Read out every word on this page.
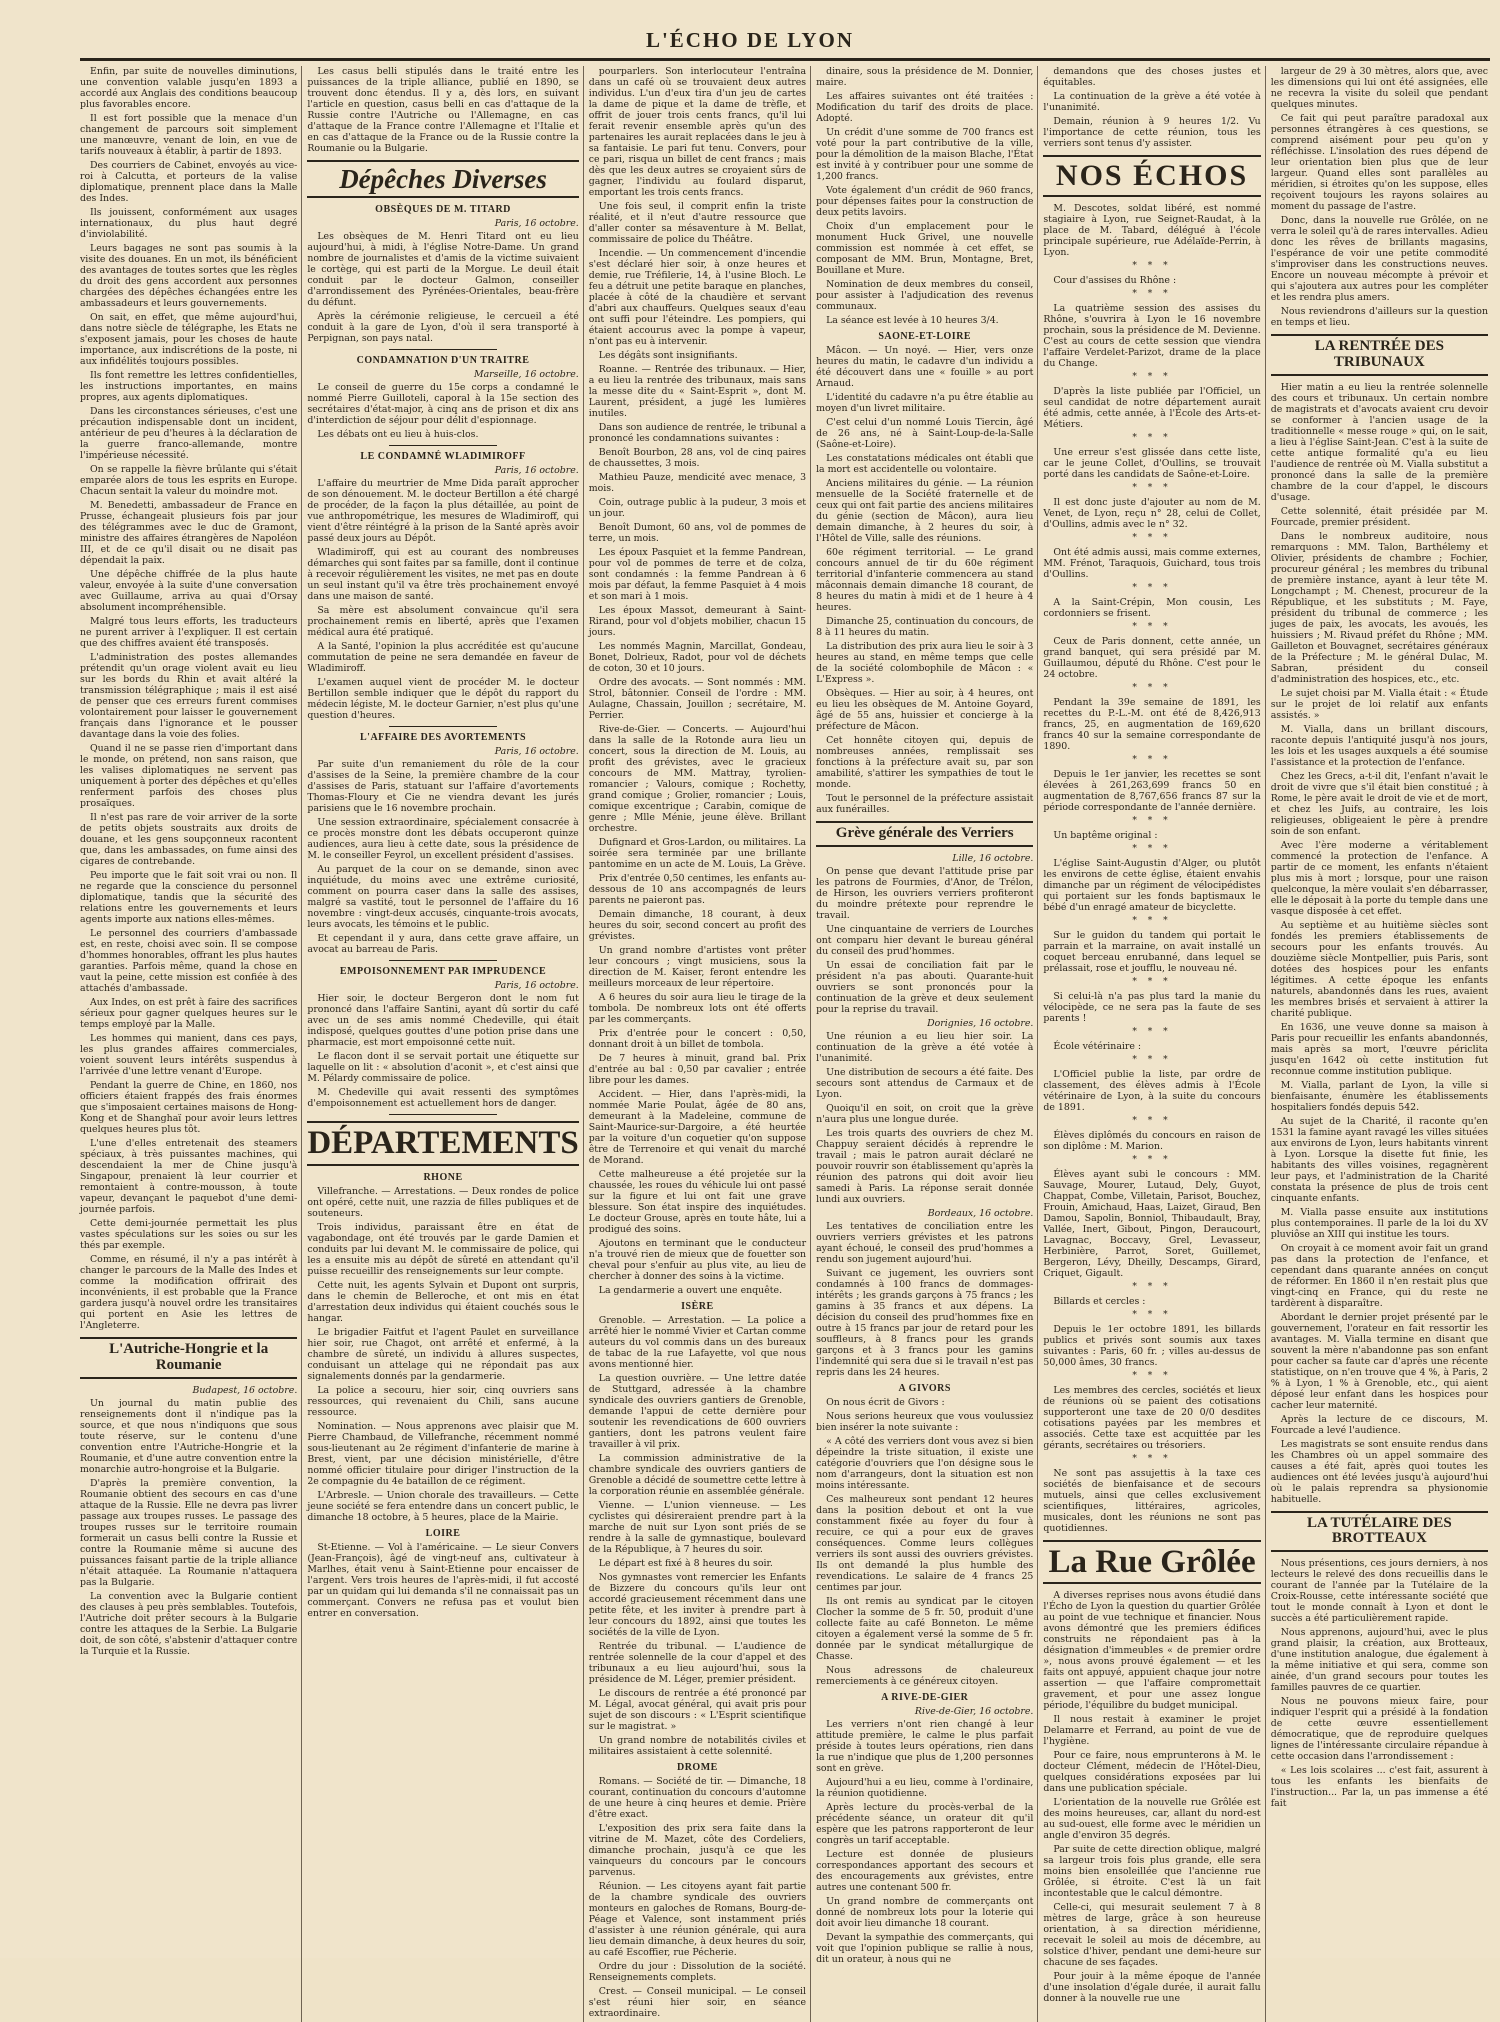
L'ÉCHO DE LYON

Enfin, par suite de nouvelles diminutions, une convention valable jusqu'en 1893 a accordé aux Anglais des conditions beaucoup plus favorables encore.

Il est fort possible que la menace d'un changement de parcours soit simplement une manœuvre, venant de loin, en vue de tarifs nouveaux à établir, à partir de 1893.

Des courriers de Cabinet, envoyés au vice-roi à Calcutta, et porteurs de la valise diplomatique, prennent place dans la Malle des Indes.

Ils jouissent, conformément aux usages internationaux, du plus haut degré d'inviolabilité.

Leurs bagages ne sont pas soumis à la visite des douanes. En un mot, ils bénéficient des avantages de toutes sortes que les règles du droit des gens accordent aux personnes chargées des dépêches échangées entre les ambassadeurs et leurs gouvernements.

On sait, en effet, que même aujourd'hui, dans notre siècle de télégraphe, les Etats ne s'exposent jamais, pour les choses de haute importance, aux indiscrétions de la poste, ni aux infidélités toujours possibles.

Ils font remettre les lettres confidentielles, les instructions importantes, en mains propres, aux agents diplomatiques.

Dans les circonstances sérieuses, c'est une précaution indispensable dont un incident, antérieur de peu d'heures à la déclaration de la guerre franco-allemande, montre l'impérieuse nécessité.

On se rappelle la fièvre brûlante qui s'était emparée alors de tous les esprits en Europe. Chacun sentait la valeur du moindre mot.

M. Benedetti, ambassadeur de France en Prusse, échangeait plusieurs fois par jour des télégrammes avec le duc de Gramont, ministre des affaires étrangères de Napoléon III, et de ce qu'il disait ou ne disait pas dépendait la paix.

Une dépêche chiffrée de la plus haute valeur, envoyée à la suite d'une conversation avec Guillaume, arriva au quai d'Orsay absolument incompréhensible.

Malgré tous leurs efforts, les traducteurs ne purent arriver à l'expliquer. Il est certain que des chiffres avaient été transposés.

L'administration des postes allemandes prétendit qu'un orage violent avait eu lieu sur les bords du Rhin et avait altéré la transmission télégraphique ; mais il est aisé de penser que ces erreurs furent commises volontairement pour laisser le gouvernement français dans l'ignorance et le pousser davantage dans la voie des folies.

Quand il ne se passe rien d'important dans le monde, on prétend, non sans raison, que les valises diplomatiques ne servent pas uniquement à porter des dépêches et qu'elles renferment parfois des choses plus prosaïques.

Il n'est pas rare de voir arriver de la sorte de petits objets soustraits aux droits de douane, et les gens soupçonneux racontent que, dans les ambassades, on fume ainsi des cigares de contrebande.

Peu importe que le fait soit vrai ou non. Il ne regarde que la conscience du personnel diplomatique, tandis que la sécurité des relations entre les gouvernements et leurs agents importe aux nations elles-mêmes.

Le personnel des courriers d'ambassade est, en reste, choisi avec soin. Il se compose d'hommes honorables, offrant les plus hautes garanties. Parfois même, quand la chose en vaut la peine, cette mission est confiée à des attachés d'ambassade.

Aux Indes, on est prêt à faire des sacrifices sérieux pour gagner quelques heures sur le temps employé par la Malle.

Les hommes qui manient, dans ces pays, les plus grandes affaires commerciales, voient souvent leurs intérêts suspendus à l'arrivée d'une lettre venant d'Europe.

Pendant la guerre de Chine, en 1860, nos officiers étaient frappés des frais énormes que s'imposaient certaines maisons de Hong-Kong et de Shanghaï pour avoir leurs lettres quelques heures plus tôt.

L'une d'elles entretenait des steamers spéciaux, à très puissantes machines, qui descendaient la mer de Chine jusqu'à Singapour, prenaient là leur courrier et remontaient à contre-mousson, à toute vapeur, devançant le paquebot d'une demi-journée parfois.

Cette demi-journée permettait les plus vastes spéculations sur les soies ou sur les thés par exemple.

Comme, en résumé, il n'y a pas intérêt à changer le parcours de la Malle des Indes et comme la modification offrirait des inconvénients, il est probable que la France gardera jusqu'à nouvel ordre les transitaires qui portent en Asie les lettres de l'Angleterre.

L'Autriche-Hongrie et la Roumanie
Budapest, 16 octobre.

Un journal du matin publie des renseignements dont il n'indique pas la source, et que nous n'indiquons que sous toute réserve, sur le contenu d'une convention entre l'Autriche-Hongrie et la Roumanie, et d'une autre convention entre la monarchie autro-hongroise et la Bulgarie.

D'après la première convention, la Roumanie obtient des secours en cas d'une attaque de la Russie. Elle ne devra pas livrer passage aux troupes russes. Le passage des troupes russes sur le territoire roumain formerait un casus belli contre la Russie et contre la Roumanie même si aucune des puissances faisant partie de la triple alliance n'était attaquée. La Roumanie n'attaquera pas la Bulgarie.

La convention avec la Bulgarie contient des clauses à peu près semblables. Toutefois, l'Autriche doit prêter secours à la Bulgarie contre les attaques de la Serbie. La Bulgarie doit, de son côté, s'abstenir d'attaquer contre la Turquie et la Russie.

Les casus belli stipulés dans le traité entre les puissances de la triple alliance, publié en 1890, se trouvent donc étendus. Il y a, dès lors, en suivant l'article en question, casus belli en cas d'attaque de la Russie contre l'Autriche ou l'Allemagne, en cas d'attaque de la France contre l'Allemagne et l'Italie et en cas d'attaque de la France ou de la Russie contre la Roumanie ou la Bulgarie.

Dépêches Diverses
OBSÈQUES DE M. TITARD
Paris, 16 octobre.

Les obsèques de M. Henri Titard ont eu lieu aujourd'hui, à midi, à l'église Notre-Dame. Un grand nombre de journalistes et d'amis de la victime suivaient le cortège, qui est parti de la Morgue. Le deuil était conduit par le docteur Galmon, conseiller d'arrondissement des Pyrénées-Orientales, beau-frère du défunt.

Après la cérémonie religieuse, le cercueil a été conduit à la gare de Lyon, d'où il sera transporté à Perpignan, son pays natal.

CONDAMNATION D'UN TRAITRE
Marseille, 16 octobre.

Le conseil de guerre du 15e corps a condamné le nommé Pierre Guilloteli, caporal à la 15e section des secrétaires d'état-major, à cinq ans de prison et dix ans d'interdiction de séjour pour délit d'espionnage.

Les débats ont eu lieu à huis-clos.

LE CONDAMNÉ WLADIMIROFF
Paris, 16 octobre.

L'affaire du meurtrier de Mme Dida paraît approcher de son dénouement. M. le docteur Bertillon a été chargé de procéder, de la façon la plus détaillée, au point de vue anthropométrique, les mesures de Wladimiroff, qui vient d'être réintégré à la prison de la Santé après avoir passé deux jours au Dépôt.

Wladimiroff, qui est au courant des nombreuses démarches qui sont faites par sa famille, dont il continue à recevoir régulièrement les visites, ne met pas en doute un seul instant qu'il va être très prochainement envoyé dans une maison de santé.

Sa mère est absolument convaincue qu'il sera prochainement remis en liberté, après que l'examen médical aura été pratiqué.

A la Santé, l'opinion la plus accréditée est qu'aucune commutation de peine ne sera demandée en faveur de Wladimiroff.

L'examen auquel vient de procéder M. le docteur Bertillon semble indiquer que le dépôt du rapport du médecin légiste, M. le docteur Garnier, n'est plus qu'une question d'heures.

L'AFFAIRE DES AVORTEMENTS
Paris, 16 octobre.

Par suite d'un remaniement du rôle de la cour d'assises de la Seine, la première chambre de la cour d'assises de Paris, statuant sur l'affaire d'avortements Thomas-Floury et Cie ne viendra devant les jurés parisiens que le 16 novembre prochain.

Une session extraordinaire, spécialement consacrée à ce procès monstre dont les débats occuperont quinze audiences, aura lieu à cette date, sous la présidence de M. le conseiller Feyrol, un excellent président d'assises.

Au parquet de la cour on se demande, sinon avec inquiétude, du moins avec une extrême curiosité, comment on pourra caser dans la salle des assises, malgré sa vastité, tout le personnel de l'affaire du 16 novembre : vingt-deux accusés, cinquante-trois avocats, leurs avocats, les témoins et le public.

Et cependant il y aura, dans cette grave affaire, un avocat au barreau de Paris.

EMPOISONNEMENT PAR IMPRUDENCE
Paris, 16 octobre.

Hier soir, le docteur Bergeron dont le nom fut prononcé dans l'affaire Santini, ayant dû sortir du café avec un de ses amis nommé Chedeville, qui était indisposé, quelques gouttes d'une potion prise dans une pharmacie, est mort empoisonné cette nuit.

Le flacon dont il se servait portait une étiquette sur laquelle on lit : « absolution d'aconit », et c'est ainsi que M. Pélardy commissaire de police.

M. Chedeville qui avait ressenti des symptômes d'empoisonnement est actuellement hors de danger.

DÉPARTEMENTS
RHONE

Villefranche. — Arrestations. — Deux rondes de police ont opéré, cette nuit, une razzia de filles publiques et de souteneurs.

Trois individus, paraissant être en état de vagabondage, ont été trouvés par le garde Damien et conduits par lui devant M. le commissaire de police, qui les a ensuite mis au dépôt de sûreté en attendant qu'il puisse recueillir des renseignements sur leur compte.

Cette nuit, les agents Sylvain et Dupont ont surpris, dans le chemin de Belleroche, et ont mis en état d'arrestation deux individus qui étaient couchés sous le hangar.

Le brigadier Faitfut et l'agent Paulet en surveillance hier soir, rue Chagot, ont arrêté et enfermé, à la chambre de sûreté, un individu à allures suspectes, conduisant un attelage qui ne répondait pas aux signalements donnés par la gendarmerie.

La police a secouru, hier soir, cinq ouvriers sans ressources, qui revenaient du Chili, sans aucune ressource.

Nomination. — Nous apprenons avec plaisir que M. Pierre Chambaud, de Villefranche, récemment nommé sous-lieutenant au 2e régiment d'infanterie de marine à Brest, vient, par une décision ministérielle, d'être nommé officier titulaire pour diriger l'instruction de la 2e compagnie du 4e bataillon de ce régiment.

L'Arbresle. — Union chorale des travailleurs. — Cette jeune société se fera entendre dans un concert public, le dimanche 18 octobre, à 5 heures, place de la Mairie.

LOIRE

St-Etienne. — Vol à l'américaine. — Le sieur Convers (Jean-François), âgé de vingt-neuf ans, cultivateur à Marlhes, était venu à Saint-Etienne pour encaisser de l'argent. Vers trois heures de l'après-midi, il fut accosté par un quidam qui lui demanda s'il ne connaissait pas un commerçant. Convers ne refusa pas et voulut bien entrer en conversation.

pourparlers. Son interlocuteur l'entraîna dans un café où se trouvaient deux autres individus. L'un d'eux tira d'un jeu de cartes la dame de pique et la dame de trèfle, et offrit de jouer trois cents francs, qu'il lui ferait revenir ensemble après qu'un des partenaires les aurait replacées dans le jeu à sa fantaisie. Le pari fut tenu. Convers, pour ce pari, risqua un billet de cent francs ; mais dès que les deux autres se croyaient sûrs de gagner, l'individu au foulard disparut, emportant les trois cents francs.

Une fois seul, il comprit enfin la triste réalité, et il n'eut d'autre ressource que d'aller conter sa mésaventure à M. Bellat, commissaire de police du Théâtre.

Incendie. — Un commencement d'incendie s'est déclaré hier soir, à onze heures et demie, rue Tréfilerie, 14, à l'usine Bloch. Le feu a détruit une petite baraque en planches, placée à côté de la chaudière et servant d'abri aux chauffeurs. Quelques seaux d'eau ont suffi pour l'éteindre. Les pompiers, qui étaient accourus avec la pompe à vapeur, n'ont pas eu à intervenir.

Les dégâts sont insignifiants.

Roanne. — Rentrée des tribunaux. — Hier, a eu lieu la rentrée des tribunaux, mais sans la messe dite du « Saint-Esprit », dont M. Laurent, président, a jugé les lumières inutiles.

Dans son audience de rentrée, le tribunal a prononcé les condamnations suivantes :

Benoît Bourbon, 28 ans, vol de cinq paires de chaussettes, 3 mois.

Mathieu Pauze, mendicité avec menace, 3 mois.

Coin, outrage public à la pudeur, 3 mois et un jour.

Benoît Dumont, 60 ans, vol de pommes de terre, un mois.

Les époux Pasquiet et la femme Pandrean, pour vol de pommes de terre et de colza, sont condamnés : la femme Pandrean à 6 mois par défaut, la femme Pasquiet à 4 mois et son mari à 1 mois.

Les époux Massot, demeurant à Saint-Rirand, pour vol d'objets mobilier, chacun 15 jours.

Les nommés Magnin, Marcillat, Gondeau, Bonet, Dolrieux, Radot, pour vol de déchets de coton, 30 et 10 jours.

Ordre des avocats. — Sont nommés : MM. Strol, bâtonnier. Conseil de l'ordre : MM. Aulagne, Chassain, Jouillon ; secrétaire, M. Perrier.

Rive-de-Gier. — Concerts. — Aujourd'hui dans la salle de la Rotonde aura lieu un concert, sous la direction de M. Louis, au profit des grévistes, avec le gracieux concours de MM. Mattray, tyrolien-romancier ; Valours, comique ; Rochetty, grand comique ; Grolier, romancier ; Louis, comique excentrique ; Carabin, comique de genre ; Mlle Ménie, jeune élève. Brillant orchestre.

Dufignard et Gros-Lardon, ou militaires. La soirée sera terminée par une brillante pantomime en un acte de M. Louis, La Grève.

Prix d'entrée 0,50 centimes, les enfants au-dessous de 10 ans accompagnés de leurs parents ne paieront pas.

Demain dimanche, 18 courant, à deux heures du soir, second concert au profit des grévistes.

Un grand nombre d'artistes vont prêter leur concours ; vingt musiciens, sous la direction de M. Kaiser, feront entendre les meilleurs morceaux de leur répertoire.

A 6 heures du soir aura lieu le tirage de la tombola. De nombreux lots ont été offerts par les commerçants.

Prix d'entrée pour le concert : 0,50, donnant droit à un billet de tombola.

De 7 heures à minuit, grand bal. Prix d'entrée au bal : 0,50 par cavalier ; entrée libre pour les dames.

Accident. — Hier, dans l'après-midi, la nommée Marie Poulat, âgée de 80 ans, demeurant à la Madeleine, commune de Saint-Maurice-sur-Dargoire, a été heurtée par la voiture d'un coquetier qu'on suppose être de Terrenoire et qui venait du marché de Morand.

Cette malheureuse a été projetée sur la chaussée, les roues du véhicule lui ont passé sur la figure et lui ont fait une grave blessure. Son état inspire des inquiétudes. Le docteur Grouse, après en toute hâte, lui a prodigué des soins.

Ajoutons en terminant que le conducteur n'a trouvé rien de mieux que de fouetter son cheval pour s'enfuir au plus vite, au lieu de chercher à donner des soins à la victime.

La gendarmerie a ouvert une enquête.

ISÈRE

Grenoble. — Arrestation. — La police a arrêté hier le nommé Vivier et Cartan comme auteurs du vol commis dans un des bureaux de tabac de la rue Lafayette, vol que nous avons mentionné hier.

La question ouvrière. — Une lettre datée de Stuttgard, adressée à la chambre syndicale des ouvriers gantiers de Grenoble, demande l'appui de cette dernière pour soutenir les revendications de 600 ouvriers gantiers, dont les patrons veulent faire travailler à vil prix.

La commission administrative de la chambre syndicale des ouvriers gantiers de Grenoble a décidé de soumettre cette lettre à la corporation réunie en assemblée générale.

Vienne. — L'union vienneuse. — Les cyclistes qui désireraient prendre part à la marche de nuit sur Lyon sont priés de se rendre à la salle de gymnastique, boulevard de la République, à 7 heures du soir.

Le départ est fixé à 8 heures du soir.

Nos gymnastes vont remercier les Enfants de Bizzere du concours qu'ils leur ont accordé gracieusement récemment dans une petite fête, et les inviter à prendre part à leur concours du 1892, ainsi que toutes les sociétés de la ville de Lyon.

Rentrée du tribunal. — L'audience de rentrée solennelle de la cour d'appel et des tribunaux a eu lieu aujourd'hui, sous la présidence de M. Léger, premier président.

Le discours de rentrée a été prononcé par M. Légal, avocat général, qui avait pris pour sujet de son discours : « L'Esprit scientifique sur le magistrat. »

Un grand nombre de notabilités civiles et militaires assistaient à cette solennité.

DROME

Romans. — Société de tir. — Dimanche, 18 courant, continuation du concours d'automne de une heure à cinq heures et demie. Prière d'être exact.

L'exposition des prix sera faite dans la vitrine de M. Mazet, côte des Cordeliers, dimanche prochain, jusqu'à ce que les vainqueurs du concours par le concours parvenus.

Réunion. — Les citoyens ayant fait partie de la chambre syndicale des ouvriers monteurs en galoches de Romans, Bourg-de-Péage et Valence, sont instamment priés d'assister à une réunion générale, qui aura lieu demain dimanche, à deux heures du soir, au café Escoffier, rue Pécherie.

Ordre du jour : Dissolution de la société. Renseignements complets.

Crest. — Conseil municipal. — Le conseil s'est réuni hier soir, en séance extraordinaire.

dinaire, sous la présidence de M. Donnier, maire.

Les affaires suivantes ont été traitées : Modification du tarif des droits de place. Adopté.

Un crédit d'une somme de 700 francs est voté pour la part contributive de la ville, pour la démolition de la maison Blache, l'État est invité à y contribuer pour une somme de 1,200 francs.

Vote également d'un crédit de 960 francs, pour dépenses faites pour la construction de deux petits lavoirs.

Choix d'un emplacement pour le monument Huck Grivel, une nouvelle commission est nommée à cet effet, se composant de MM. Brun, Montagne, Bret, Bouillane et Mure.

Nomination de deux membres du conseil, pour assister à l'adjudication des revenus communaux.

La séance est levée à 10 heures 3/4.

SAONE-ET-LOIRE

Mâcon. — Un noyé. — Hier, vers onze heures du matin, le cadavre d'un individu a été découvert dans une « fouille » au port Arnaud.

L'identité du cadavre n'a pu être établie au moyen d'un livret militaire.

C'est celui d'un nommé Louis Tiercin, âgé de 26 ans, né à Saint-Loup-de-la-Salle (Saône-et-Loire).

Les constatations médicales ont établi que la mort est accidentelle ou volontaire.

Anciens militaires du génie. — La réunion mensuelle de la Société fraternelle et de ceux qui ont fait partie des anciens militaires du génie (section de Mâcon), aura lieu demain dimanche, à 2 heures du soir, à l'Hôtel de Ville, salle des réunions.

60e régiment territorial. — Le grand concours annuel de tir du 60e régiment territorial d'infanterie commencera au stand mâconnais demain dimanche 18 courant, de 8 heures du matin à midi et de 1 heure à 4 heures.

Dimanche 25, continuation du concours, de 8 à 11 heures du matin.

La distribution des prix aura lieu le soir à 3 heures au stand, en même temps que celle de la société colombophile de Mâcon : « L'Express ».

Obsèques. — Hier au soir, à 4 heures, ont eu lieu les obsèques de M. Antoine Goyard, âgé de 55 ans, huissier et concierge à la préfecture de Mâcon.

Cet honnête citoyen qui, depuis de nombreuses années, remplissait ses fonctions à la préfecture avait su, par son amabilité, s'attirer les sympathies de tout le monde.

Tout le personnel de la préfecture assistait aux funérailles.

Grève générale des Verriers
Lille, 16 octobre.

On pense que devant l'attitude prise par les patrons de Fourmies, d'Anor, de Trélon, de Hirson, les ouvriers verriers profiteront du moindre prétexte pour reprendre le travail.

Une cinquantaine de verriers de Lourches ont comparu hier devant le bureau général du conseil des prud'hommes.

Un essai de conciliation fait par le président n'a pas abouti. Quarante-huit ouvriers se sont prononcés pour la continuation de la grève et deux seulement pour la reprise du travail.

Dorignies, 16 octobre.

Une réunion a eu lieu hier soir. La continuation de la grève a été votée à l'unanimité.

Une distribution de secours a été faite. Des secours sont attendus de Carmaux et de Lyon.

Quoiqu'il en soit, on croit que la grève n'aura plus une longue durée.

Les trois quarts des ouvriers de chez M. Chappuy seraient décidés à reprendre le travail ; mais le patron aurait déclaré ne pouvoir rouvrir son établissement qu'après la réunion des patrons qui doit avoir lieu samedi à Paris. La réponse serait donnée lundi aux ouvriers.

Bordeaux, 16 octobre.

Les tentatives de conciliation entre les ouvriers verriers grévistes et les patrons ayant échoué, le conseil des prud'hommes a rendu son jugement aujourd'hui.

Suivant ce jugement, les ouvriers sont condamnés à 100 francs de dommages-intérêts ; les grands garçons à 75 francs ; les gamins à 35 francs et aux dépens. La décision du conseil des prud'hommes fixe en outre à 15 francs par jour de retard pour les souffleurs, à 8 francs pour les grands garçons et à 3 francs pour les gamins l'indemnité qui sera due si le travail n'est pas repris dans les 24 heures.

A GIVORS

On nous écrit de Givors :

Nous serions heureux que vous voulussiez bien insérer la note suivante :

« A côté des verriers dont vous avez si bien dépeindre la triste situation, il existe une catégorie d'ouvriers que l'on désigne sous le nom d'arrangeurs, dont la situation est non moins intéressante.

Ces malheureux sont pendant 12 heures dans la position debout et ont la vue constamment fixée au foyer du four à recuire, ce qui a pour eux de graves conséquences. Comme leurs collègues verriers ils sont aussi des ouvriers grévistes. Ils ont demandé la plus humble des revendications. Le salaire de 4 francs 25 centimes par jour.

Ils ont remis au syndicat par le citoyen Clocher la somme de 5 fr. 50, produit d'une collecte faite au café Bonneton. Le même citoyen a également versé la somme de 5 fr. donnée par le syndicat métallurgique de Chasse.

Nous adressons de chaleureux remerciements à ce généreux citoyen.

A RIVE-DE-GIER
Rive-de-Gier, 16 octobre.

Les verriers n'ont rien changé à leur attitude première, le calme le plus parfait préside à toutes leurs opérations, rien dans la rue n'indique que plus de 1,200 personnes sont en grève.

Aujourd'hui a eu lieu, comme à l'ordinaire, la réunion quotidienne.

Après lecture du procès-verbal de la précédente séance, un orateur dit qu'il espère que les patrons rapporteront de leur congrès un tarif acceptable.

Lecture est donnée de plusieurs correspondances apportant des secours et des encouragements aux grévistes, entre autres une contenant 500 fr.

Un grand nombre de commerçants ont donné de nombreux lots pour la loterie qui doit avoir lieu dimanche 18 courant.

Devant la sympathie des commerçants, qui voit que l'opinion publique se rallie à nous, dit un orateur, à nous qui ne

demandons que des choses justes et équitables.

La continuation de la grève a été votée à l'unanimité.

Demain, réunion à 9 heures 1/2. Vu l'importance de cette réunion, tous les verriers sont tenus d'y assister.

NOS ÉCHOS

M. Descotes, soldat libéré, est nommé stagiaire à Lyon, rue Seignet-Raudat, à la place de M. Tabard, délégué à l'école principale supérieure, rue Adélaïde-Perrin, à Lyon.

* * *

Cour d'assises du Rhône :

* * *

La quatrième session des assises du Rhône, s'ouvrira à Lyon le 16 novembre prochain, sous la présidence de M. Devienne. C'est au cours de cette session que viendra l'affaire Verdelet-Parizot, drame de la place du Change.

* * *

D'après la liste publiée par l'Officiel, un seul candidat de notre département aurait été admis, cette année, à l'École des Arts-et-Métiers.

* * *

Une erreur s'est glissée dans cette liste, car le jeune Collet, d'Oullins, se trouvait porté dans les candidats de Saône-et-Loire.

* * *

Il est donc juste d'ajouter au nom de M. Venet, de Lyon, reçu n° 28, celui de Collet, d'Oullins, admis avec le n° 32.

* * *

Ont été admis aussi, mais comme externes, MM. Frénot, Taraquois, Guichard, tous trois d'Oullins.

* * *

A la Saint-Crépin, Mon cousin, Les cordonniers se frisent.

* * *

Ceux de Paris donnent, cette année, un grand banquet, qui sera présidé par M. Guillaumou, député du Rhône. C'est pour le 24 octobre.

* * *

Pendant la 39e semaine de 1891, les recettes du P.-L.-M. ont été de 8,426,913 francs, 25, en augmentation de 169,620 francs 40 sur la semaine correspondante de 1890.

* * *

Depuis le 1er janvier, les recettes se sont élevées à 261,263,699 francs 50 en augmentation de 8,767,656 francs 87 sur la période correspondante de l'année dernière.

* * *

Un baptême original :

* * *

L'église Saint-Augustin d'Alger, ou plutôt les environs de cette église, étaient envahis dimanche par un régiment de vélocipédistes qui portaient sur les fonds baptismaux le bébé d'un enragé amateur de bicyclette.

* * *

Sur le guidon du tandem qui portait le parrain et la marraine, on avait installé un coquet berceau enrubanné, dans lequel se prélassait, rose et joufflu, le nouveau né.

* * *

Si celui-là n'a pas plus tard la manie du vélocipède, ce ne sera pas la faute de ses parents !

* * *

École vétérinaire :

* * *

L'Officiel publie la liste, par ordre de classement, des élèves admis à l'École vétérinaire de Lyon, à la suite du concours de 1891.

* * *

Élèves diplômés du concours en raison de son diplôme : M. Marion.

* * *

Élèves ayant subi le concours : MM. Sauvage, Mourer, Lutaud, Dely, Guyot, Chappat, Combe, Villetain, Parisot, Bouchez, Frouin, Amichaud, Haas, Laizet, Giraud, Ben Damou, Sapolin, Bonniol, Thibaudault, Bray, Vallée, Inert, Gibout, Pingon, Deraucourt, Lavagnac, Boccavy, Grel, Levasseur, Herbinière, Parrot, Soret, Guillemet, Bergeron, Lévy, Dheilly, Descamps, Girard, Criquet, Gigault.

* * *

Billards et cercles :

* * *

Depuis le 1er octobre 1891, les billards publics et privés sont soumis aux taxes suivantes : Paris, 60 fr. ; villes au-dessus de 50,000 âmes, 30 francs.

* * *

Les membres des cercles, sociétés et lieux de réunions où se paient des cotisations supporteront une taxe de 20 0/0 desdites cotisations payées par les membres et associés. Cette taxe est acquittée par les gérants, secrétaires ou trésoriers.

* * *

Ne sont pas assujettis à la taxe ces sociétés de bienfaisance et de secours mutuels, ainsi que celles exclusivement scientifiques, littéraires, agricoles, musicales, dont les réunions ne sont pas quotidiennes.

La Rue Grôlée

A diverses reprises nous avons étudié dans l'Écho de Lyon la question du quartier Grôlée au point de vue technique et financier. Nous avons démontré que les premiers édifices construits ne répondaient pas à la désignation d'immeubles « de premier ordre », nous avons prouvé également — et les faits ont appuyé, appuient chaque jour notre assertion — que l'affaire compromettait gravement, et pour une assez longue période, l'équilibre du budget municipal.

Il nous restait à examiner le projet Delamarre et Ferrand, au point de vue de l'hygiène.

Pour ce faire, nous emprunterons à M. le docteur Clément, médecin de l'Hôtel-Dieu, quelques considérations exposées par lui dans une publication spéciale.

L'orientation de la nouvelle rue Grôlée est des moins heureuses, car, allant du nord-est au sud-ouest, elle forme avec le méridien un angle d'environ 35 degrés.

Par suite de cette direction oblique, malgré sa largeur trois fois plus grande, elle sera moins bien ensoleillée que l'ancienne rue Grôlée, si étroite. C'est là un fait incontestable que le calcul démontre.

Celle-ci, qui mesurait seulement 7 à 8 mètres de large, grâce à son heureuse orientation, à sa direction méridienne, recevait le soleil au mois de décembre, au solstice d'hiver, pendant une demi-heure sur chacune de ses façades.

Pour jouir à la même époque de l'année d'une insolation d'égale durée, il aurait fallu donner à la nouvelle rue une

largeur de 29 à 30 mètres, alors que, avec les dimensions qui lui ont été assignées, elle ne recevra la visite du soleil que pendant quelques minutes.

Ce fait qui peut paraître paradoxal aux personnes étrangères à ces questions, se comprend aisément pour peu qu'on y réfléchisse. L'insolation des rues dépend de leur orientation bien plus que de leur largeur. Quand elles sont parallèles au méridien, si étroites qu'on les suppose, elles reçoivent toujours les rayons solaires au moment du passage de l'astre.

Donc, dans la nouvelle rue Grôlée, on ne verra le soleil qu'à de rares intervalles. Adieu donc les rêves de brillants magasins, l'espérance de voir une petite commodité s'improviser dans les constructions neuves. Encore un nouveau mécompte à prévoir et qui s'ajoutera aux autres pour les compléter et les rendra plus amers.

Nous reviendrons d'ailleurs sur la question en temps et lieu.

LA RENTRÉE DES TRIBUNAUX

Hier matin a eu lieu la rentrée solennelle des cours et tribunaux. Un certain nombre de magistrats et d'avocats avaient cru devoir se conformer à l'ancien usage de la traditionnelle « messe rouge » qui, on le sait, a lieu à l'église Saint-Jean. C'est à la suite de cette antique formalité qu'a eu lieu l'audience de rentrée où M. Vialla substitut a prononcé dans la salle de la première chambre de la cour d'appel, le discours d'usage.

Cette solennité, était présidée par M. Fourcade, premier président.

Dans le nombreux auditoire, nous remarquons : MM. Talon, Barthélemy et Olivier, présidents de chambre ; Fochier, procureur général ; les membres du tribunal de première instance, ayant à leur tête M. Longchampt ; M. Chenest, procureur de la République, et les substituts ; M. Faye, président du tribunal de commerce ; les juges de paix, les avocats, les avoués, les huissiers ; M. Rivaud préfet du Rhône ; MM. Gailleton et Bouvagnet, secrétaires généraux de la Préfecture ; M. le général Dulac, M. Sabran, président du conseil d'administration des hospices, etc., etc.

Le sujet choisi par M. Vialla était : « Étude sur le projet de loi relatif aux enfants assistés. »

M. Vialla, dans un brillant discours, raconte depuis l'antiquité jusqu'à nos jours, les lois et les usages auxquels a été soumise l'assistance et la protection de l'enfance.

Chez les Grecs, a-t-il dit, l'enfant n'avait le droit de vivre que s'il était bien constitué ; à Rome, le père avait le droit de vie et de mort, et chez les Juifs, au contraire, les lois religieuses, obligeaient le père à prendre soin de son enfant.

Avec l'ère moderne a véritablement commencé la protection de l'enfance. A partir de ce moment, les enfants n'étaient plus mis à mort ; lorsque, pour une raison quelconque, la mère voulait s'en débarrasser, elle le déposait à la porte du temple dans une vasque disposée à cet effet.

Au septième et au huitième siècles sont fondés les premiers établissements de secours pour les enfants trouvés. Au douzième siècle Montpellier, puis Paris, sont dotées des hospices pour les enfants légitimes. A cette époque les enfants naturels, abandonnés dans les rues, avaient les membres brisés et servaient à attirer la charité publique.

En 1636, une veuve donne sa maison à Paris pour recueillir les enfants abandonnés, mais après sa mort, l'œuvre périclita jusqu'en 1642 où cette institution fut reconnue comme institution publique.

M. Vialla, parlant de Lyon, la ville si bienfaisante, énumère les établissements hospitaliers fondés depuis 542.

Au sujet de la Charité, il raconte qu'en 1531 la famine ayant ravagé les villes situées aux environs de Lyon, leurs habitants vinrent à Lyon. Lorsque la disette fut finie, les habitants des villes voisines, regagnèrent leur pays, et l'administration de la Charité constata la présence de plus de trois cent cinquante enfants.

M. Vialla passe ensuite aux institutions plus contemporaines. Il parle de la loi du XV pluviôse an XIII qui institue les tours.

On croyait à ce moment avoir fait un grand pas dans la protection de l'enfance, et cependant dans quarante années on conçut de réformer. En 1860 il n'en restait plus que vingt-cinq en France, qui du reste ne tardèrent à disparaître.

Abordant le dernier projet présenté par le gouvernement, l'orateur en fait ressortir les avantages. M. Vialla termine en disant que souvent la mère n'abandonne pas son enfant pour cacher sa faute car d'après une récente statistique, on n'en trouve que 4 %, à Paris, 2 % à Lyon, 1 % à Grenoble, etc., qui aient déposé leur enfant dans les hospices pour cacher leur maternité.

Après la lecture de ce discours, M. Fourcade a levé l'audience.

Les magistrats se sont ensuite rendus dans les Chambres où un appel sommaire des causes a été fait, après quoi toutes les audiences ont été levées jusqu'à aujourd'hui où le palais reprendra sa physionomie habituelle.

LA TUTÉLAIRE DES BROTTEAUX

Nous présentions, ces jours derniers, à nos lecteurs le relevé des dons recueillis dans le courant de l'année par la Tutélaire de la Croix-Rousse, cette intéressante société que tout le monde connaît à Lyon et dont le succès a été particulièrement rapide.

Nous apprenons, aujourd'hui, avec le plus grand plaisir, la création, aux Brotteaux, d'une institution analogue, due également à la même initiative et qui sera, comme son ainée, d'un grand secours pour toutes les familles pauvres de ce quartier.

Nous ne pouvons mieux faire, pour indiquer l'esprit qui a présidé à la fondation de cette œuvre essentiellement démocratique, que de reproduire quelques lignes de l'intéressante circulaire répandue à cette occasion dans l'arrondissement :

« Les lois scolaires ... c'est fait, assurent à tous les enfants les bienfaits de l'instruction... Par la, un pas immense a été fait
